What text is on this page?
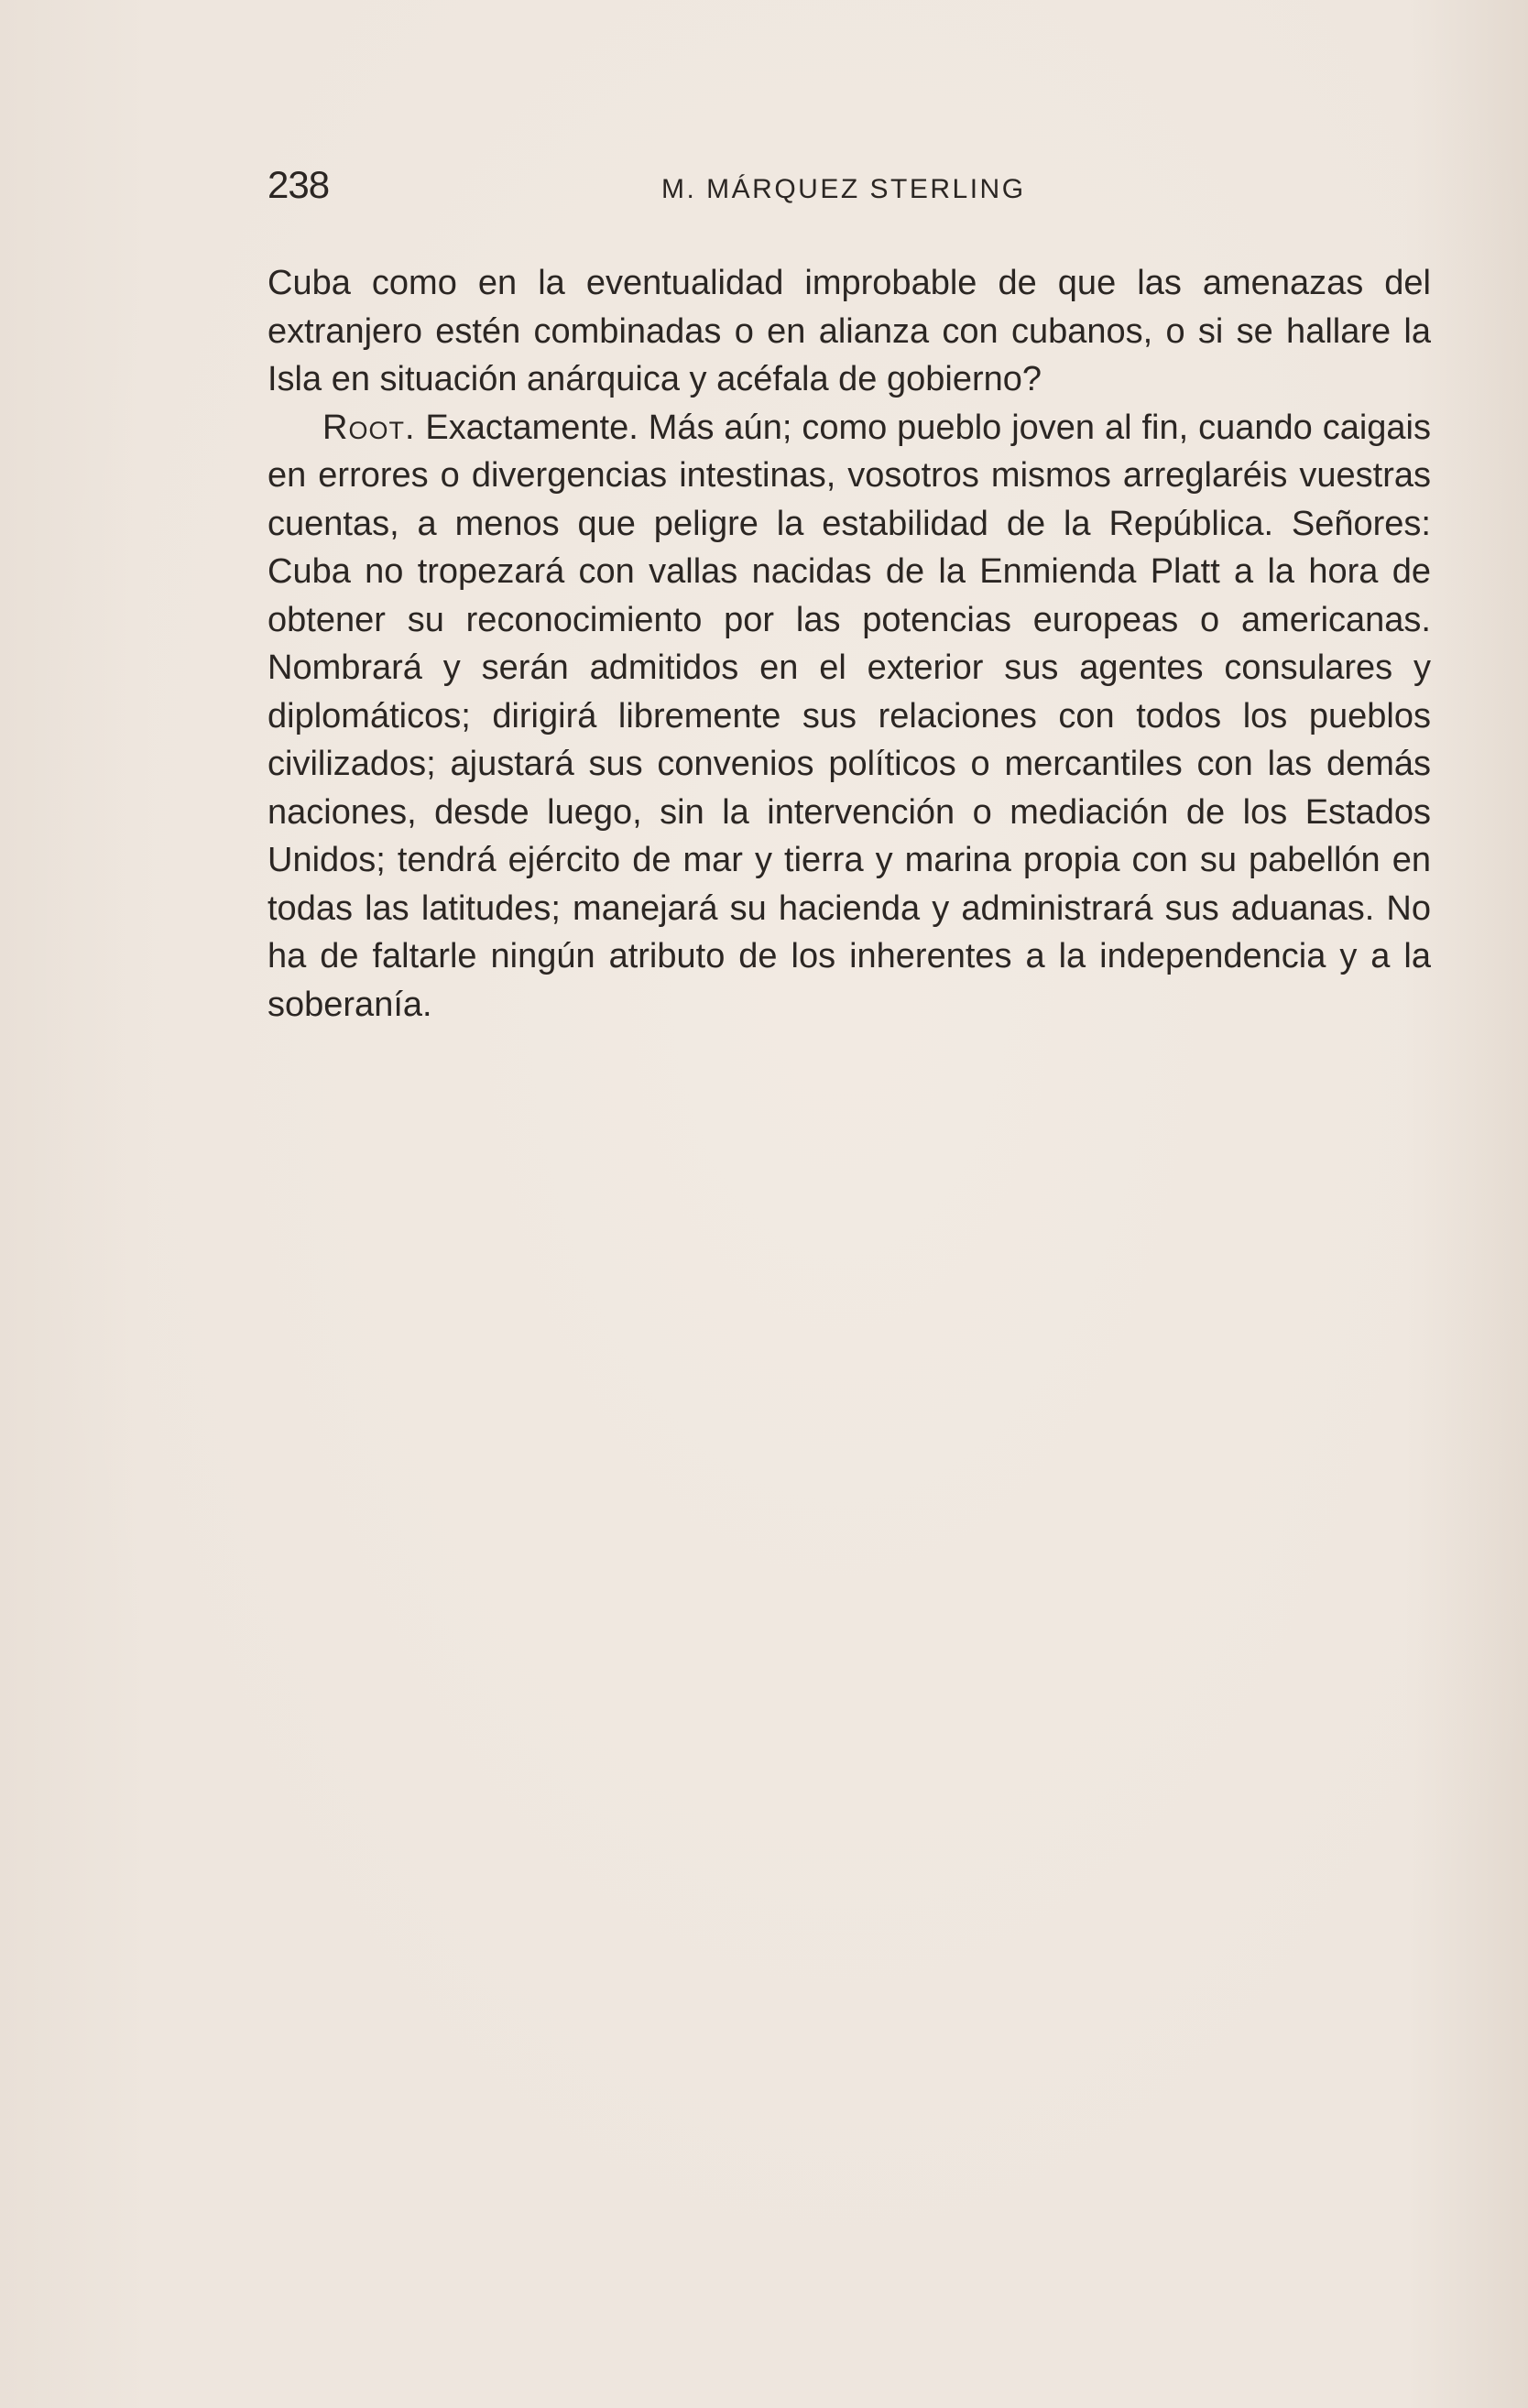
238	M. MÁRQUEZ STERLING

Cuba como en la eventualidad improbable de que las amenazas del extranjero estén combinadas o en alianza con cubanos, o si se hallare la Isla en situación anárquica y acéfala de gobierno?

Root. Exactamente. Más aún; como pueblo joven al fin, cuando caigais en errores o divergencias intestinas, vosotros mismos arreglaréis vuestras cuentas, a menos que peligre la estabilidad de la República. Señores: Cuba no tropezará con vallas nacidas de la Enmienda Platt a la hora de obtener su reconocimiento por las potencias europeas o americanas. Nombrará y serán admitidos en el exterior sus agentes consulares y diplomáticos; dirigirá libremente sus relaciones con todos los pueblos civilizados; ajustará sus convenios políticos o mercantiles con las demás naciones, desde luego, sin la intervención o mediación de los Estados Unidos; tendrá ejército de mar y tierra y marina propia con su pabellón en todas las latitudes; manejará su hacienda y administrará sus aduanas. No ha de faltarle ningún atributo de los inherentes a la independencia y a la soberanía.
